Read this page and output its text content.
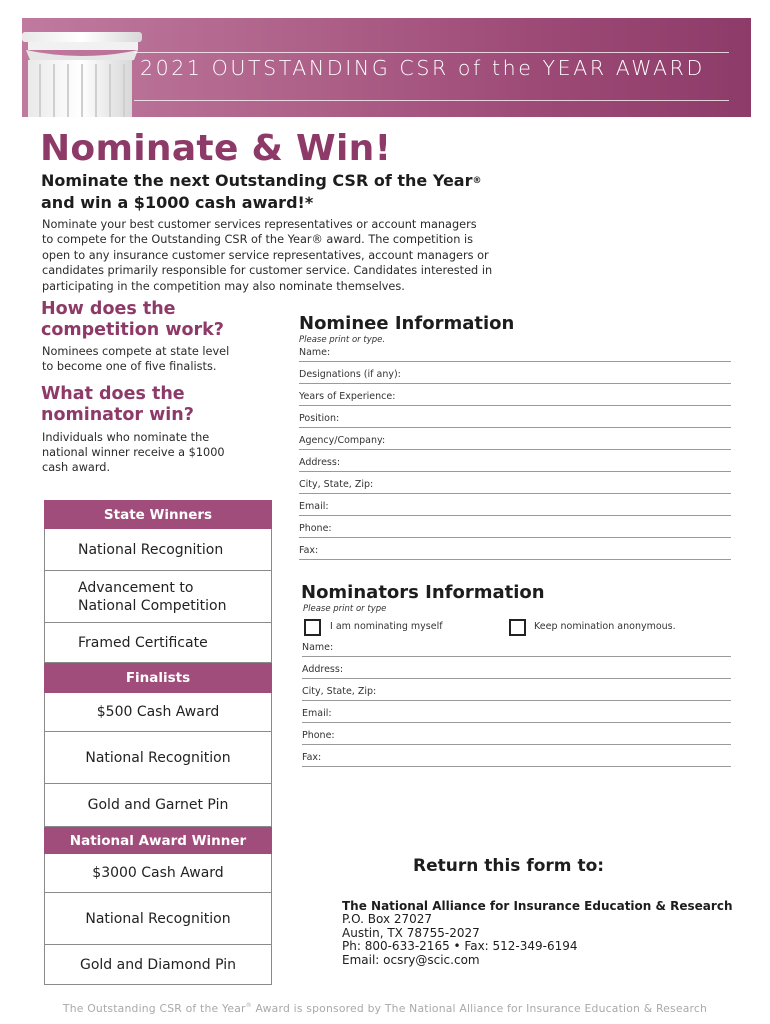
2021 OUTSTANDING CSR of the YEAR AWARD
Nominate & Win!
Nominate the next Outstanding CSR of the Year®
and win a $1000 cash award!*
Nominate your best customer services representatives or account managers
to compete for the Outstanding CSR of the Year® award. The competition is
open to any insurance customer service representatives, account managers or
candidates primarily responsible for customer service. Candidates interested in
participating in the competition may also nominate themselves.
How does the
competition work?
Nominees compete at state level
to become one of five finalists.
What does the
nominator win?
Individuals who nominate the
national winner receive a $1000
cash award.
State Winners
National Recognition
Advancement to
National Competition
Framed Certificate
Finalists
$500 Cash Award
National Recognition
Gold and Garnet Pin
National Award Winner
$3000 Cash Award
National Recognition
Gold and Diamond Pin
Nominee Information
Please print or type.
Name:
Designations (if any):
Years of Experience:
Position:
Agency/Company:
Address:
City, State, Zip:
Email:
Phone:
Fax:
Nominators Information
Please print or type
I am nominating myself	Keep nomination anonymous.
Name:
Address:
City, State, Zip:
Email:
Phone:
Fax:
Return this form to:
The National Alliance for Insurance Education & Research
P.O. Box 27027
Austin, TX 78755-2027
Ph: 800-633-2165 • Fax: 512-349-6194
Email: ocsry@scic.com
The Outstanding CSR of the Year® Award is sponsored by The National Alliance for Insurance Education & Research
